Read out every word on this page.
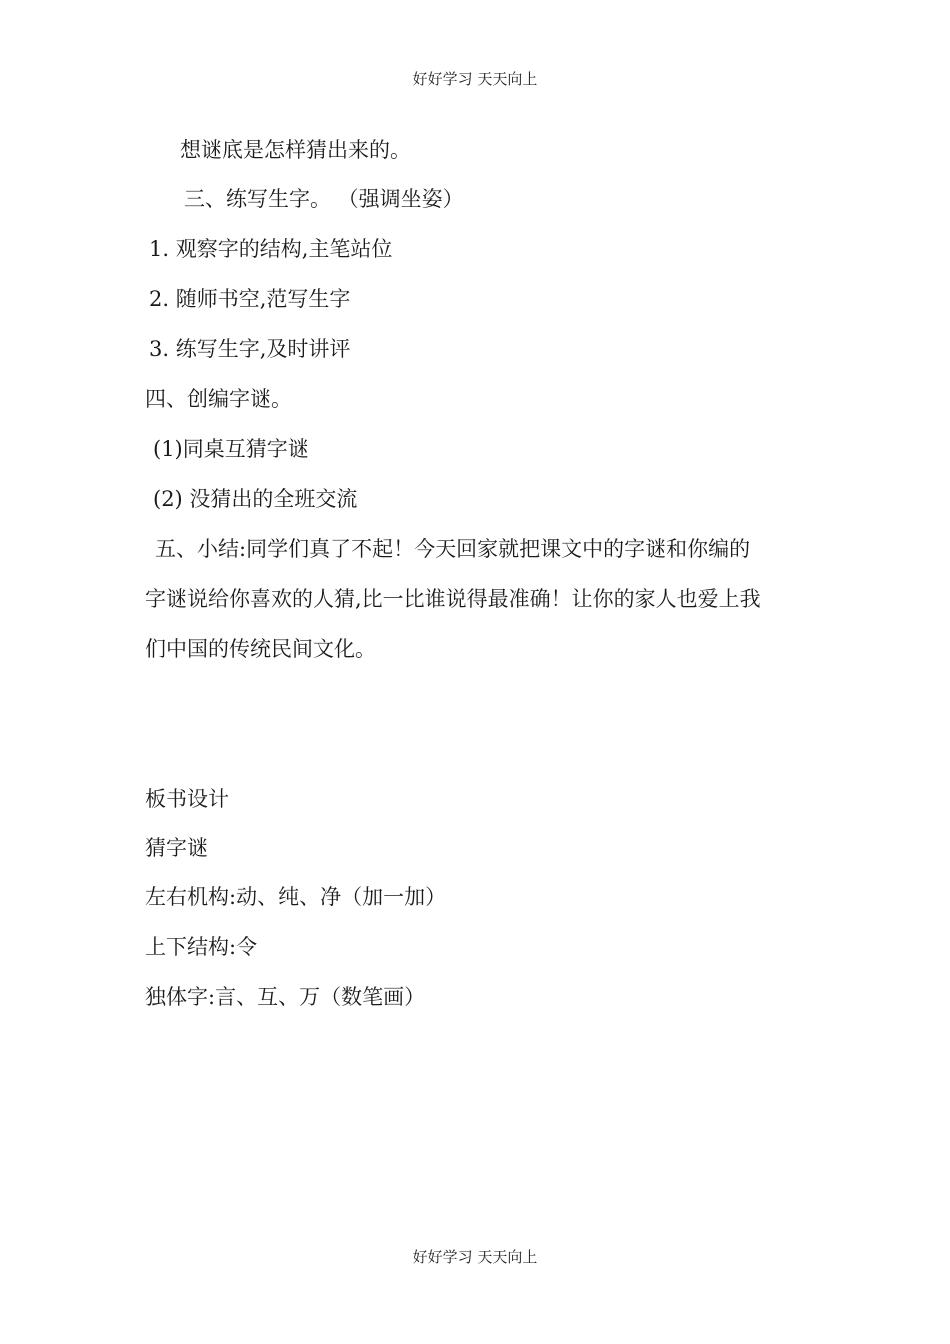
好好学习 天天向上
想谜底是怎样猜出来的。
三、练写生字。 （强调坐姿）
1. 观察字的结构,主笔站位
2. 随师书空,范写生字
3. 练写生字,及时讲评
四、创编字谜。
(1)同桌互猜字谜
(2) 没猜出的全班交流
五、小结:同学们真了不起！今天回家就把课文中的字谜和你编的
字谜说给你喜欢的人猜,比一比谁说得最准确！让你的家人也爱上我
们中国的传统民间文化。
板书设计
猜字谜
左右机构:动、纯、净（加一加）
上下结构:令
独体字:言、互、万（数笔画）
好好学习 天天向上
